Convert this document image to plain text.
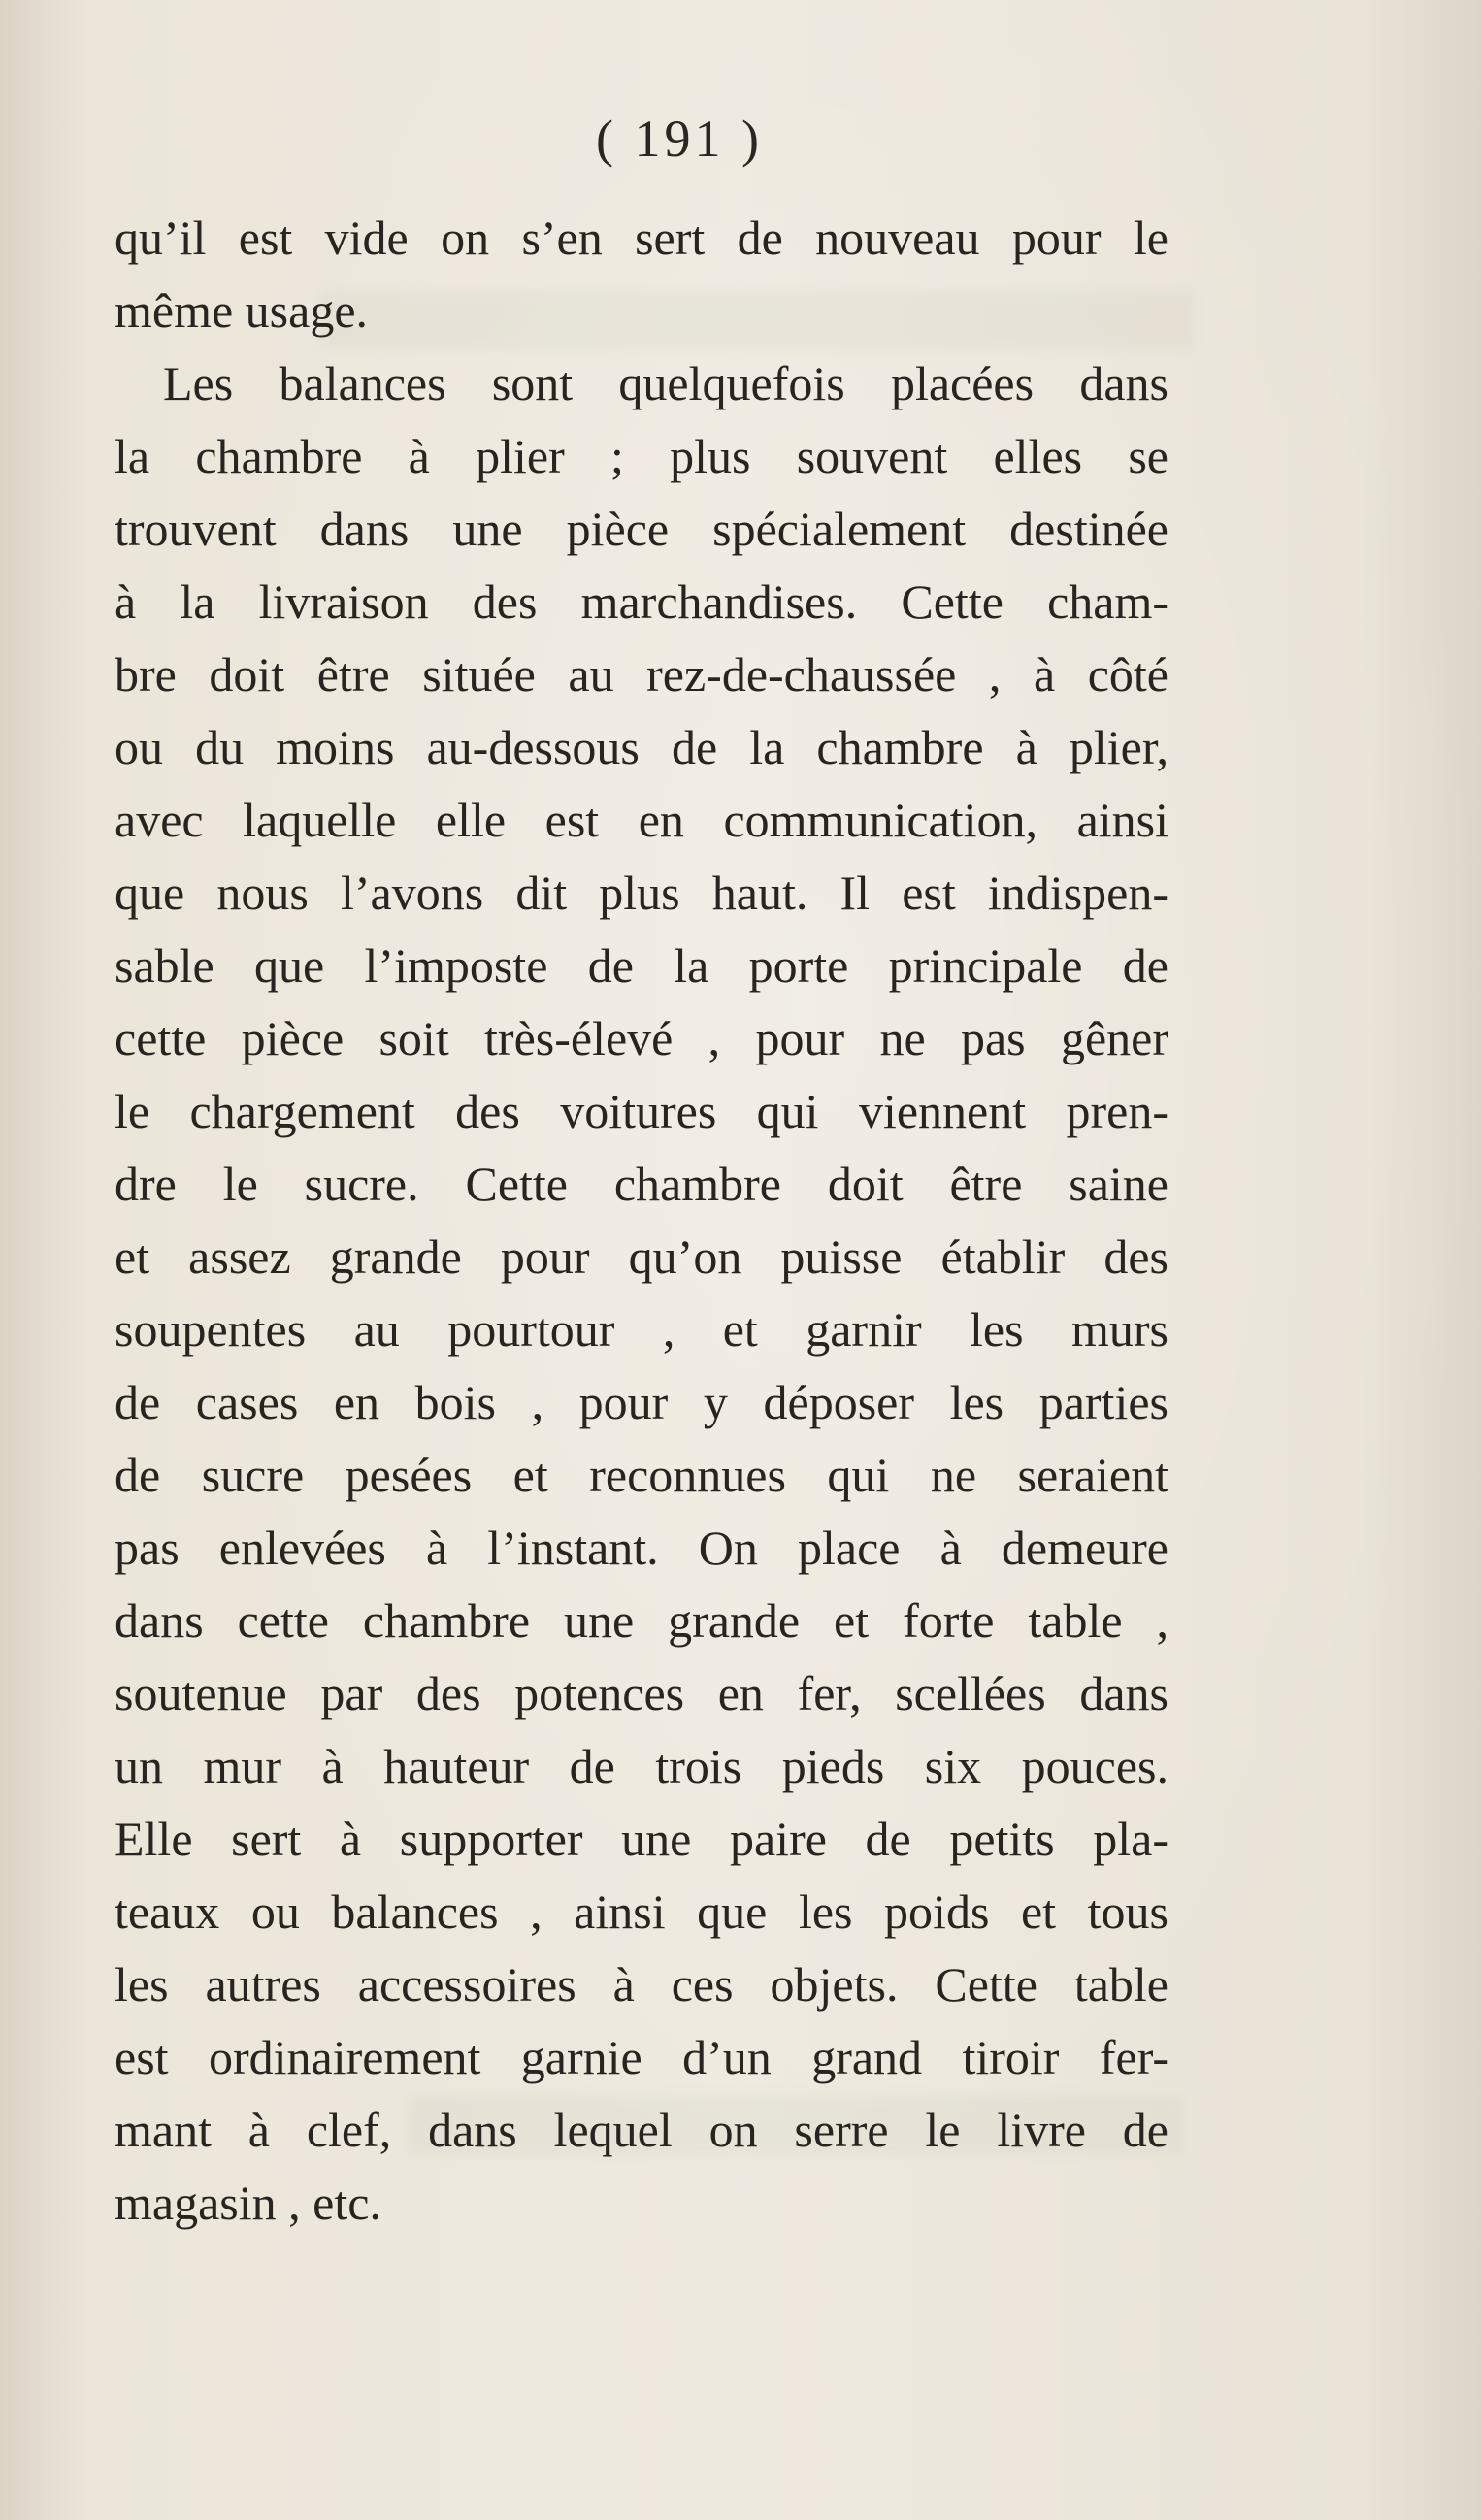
( 191 )
qu’il est vide on s’en sert de nouveau pour le
même usage.
Les balances sont quelquefois placées dans
la chambre à plier ; plus souvent elles se
trouvent dans une pièce spécialement destinée
à la livraison des marchandises. Cette cham-
bre doit être située au rez-de-chaussée , à côté
ou du moins au-dessous de la chambre à plier,
avec laquelle elle est en communication, ainsi
que nous l’avons dit plus haut. Il est indispen-
sable que l’imposte de la porte principale de
cette pièce soit très-élevé , pour ne pas gêner
le chargement des voitures qui viennent pren-
dre le sucre. Cette chambre doit être saine
et assez grande pour qu’on puisse établir des
soupentes au pourtour , et garnir les murs
de cases en bois , pour y déposer les parties
de sucre pesées et reconnues qui ne seraient
pas enlevées à l’instant. On place à demeure
dans cette chambre une grande et forte table ,
soutenue par des potences en fer, scellées dans
un mur à hauteur de trois pieds six pouces.
Elle sert à supporter une paire de petits pla-
teaux ou balances , ainsi que les poids et tous
les autres accessoires à ces objets. Cette table
est ordinairement garnie d’un grand tiroir fer-
mant à clef, dans lequel on serre le livre de
magasin , etc.
